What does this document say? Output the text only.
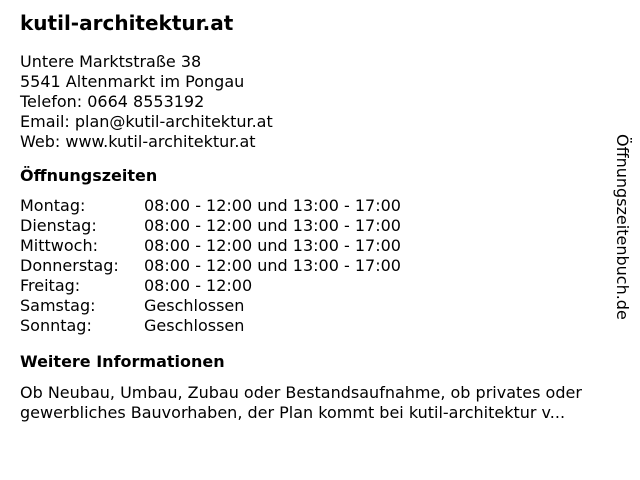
kutil-architektur.at
Untere Marktstraße 38
5541 Altenmarkt im Pongau
Telefon: 0664 8553192
Email: plan@kutil-architektur.at
Web: www.kutil-architektur.at
Öffnungszeiten
Montag:	08:00 - 12:00 und 13:00 - 17:00
Dienstag:	08:00 - 12:00 und 13:00 - 17:00
Mittwoch:	08:00 - 12:00 und 13:00 - 17:00
Donnerstag:	08:00 - 12:00 und 13:00 - 17:00
Freitag:	08:00 - 12:00
Samstag:	Geschlossen
Sonntag:	Geschlossen
Weitere Informationen
Ob Neubau, Umbau, Zubau oder Bestandsaufnahme, ob privates oder gewerbliches Bauvorhaben, der Plan kommt bei kutil-architektur v...
Öffnungszeitenbuch.de
